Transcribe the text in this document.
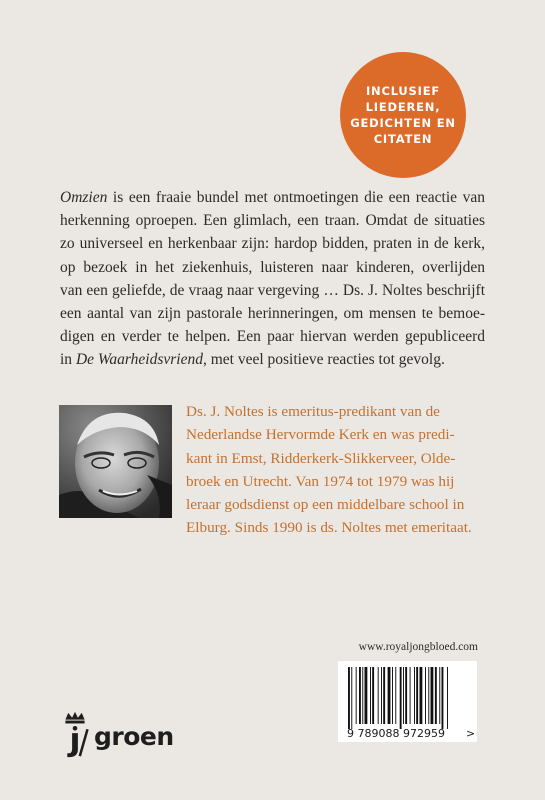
INCLUSIEF
LIEDEREN,
GEDICHTEN EN
CITATEN
Omzien is een fraaie bundel met ontmoetingen die een reactie van
herkenning oproepen. Een glimlach, een traan. Omdat de situaties
zo universeel en herkenbaar zijn: hardop bidden, praten in de kerk,
op bezoek in het ziekenhuis, luisteren naar kinderen, overlijden
van een geliefde, de vraag naar vergeving … Ds. J. Noltes beschrijft
een aantal van zijn pastorale herinneringen, om mensen te bemoe-
digen en verder te helpen. Een paar hiervan werden gepubliceerd
in De Waarheidsvriend, met veel positieve reacties tot gevolg.
Ds. J. Noltes is emeritus-predikant van de
Nederlandse Hervormde Kerk en was predi-
kant in Emst, Ridderkerk-Slikkerveer, Olde-
broek en Utrecht. Van 1974 tot 1979 was hij
leraar godsdienst op een middelbare school in
Elburg. Sinds 1990 is ds. Noltes met emeritaat.
www.royaljongbloed.com
9 789088 972959 >
groen
